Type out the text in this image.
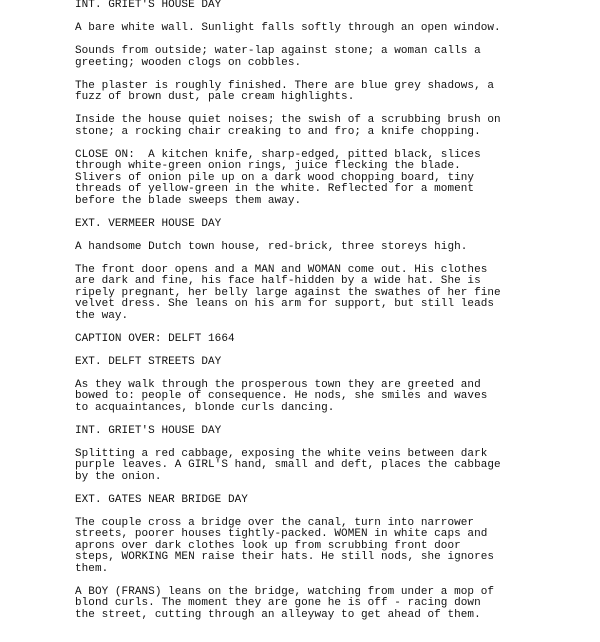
INT. GRIET'S HOUSE DAY
A bare white wall. Sunlight falls softly through an open window.
Sounds from outside; water-lap against stone; a woman calls a
greeting; wooden clogs on cobbles.
The plaster is roughly finished. There are blue grey shadows, a
fuzz of brown dust, pale cream highlights.
Inside the house quiet noises; the swish of a scrubbing brush on
stone; a rocking chair creaking to and fro; a knife chopping.
CLOSE ON:  A kitchen knife, sharp-edged, pitted black, slices
through white-green onion rings, juice flecking the blade.
Slivers of onion pile up on a dark wood chopping board, tiny
threads of yellow-green in the white. Reflected for a moment
before the blade sweeps them away.
EXT. VERMEER HOUSE DAY
A handsome Dutch town house, red-brick, three storeys high.
The front door opens and a MAN and WOMAN come out. His clothes
are dark and fine, his face half-hidden by a wide hat. She is
ripely pregnant, her belly large against the swathes of her fine
velvet dress. She leans on his arm for support, but still leads
the way.
CAPTION OVER: DELFT 1664
EXT. DELFT STREETS DAY
As they walk through the prosperous town they are greeted and
bowed to: people of consequence. He nods, she smiles and waves
to acquaintances, blonde curls dancing.
INT. GRIET'S HOUSE DAY
Splitting a red cabbage, exposing the white veins between dark
purple leaves. A GIRL'S hand, small and deft, places the cabbage
by the onion.
EXT. GATES NEAR BRIDGE DAY
The couple cross a bridge over the canal, turn into narrower
streets, poorer houses tightly-packed. WOMEN in white caps and
aprons over dark clothes look up from scrubbing front door
steps, WORKING MEN raise their hats. He still nods, she ignores
them.
A BOY (FRANS) leans on the bridge, watching from under a mop of
blond curls. The moment they are gone he is off - racing down
the street, cutting through an alleyway to get ahead of them.
